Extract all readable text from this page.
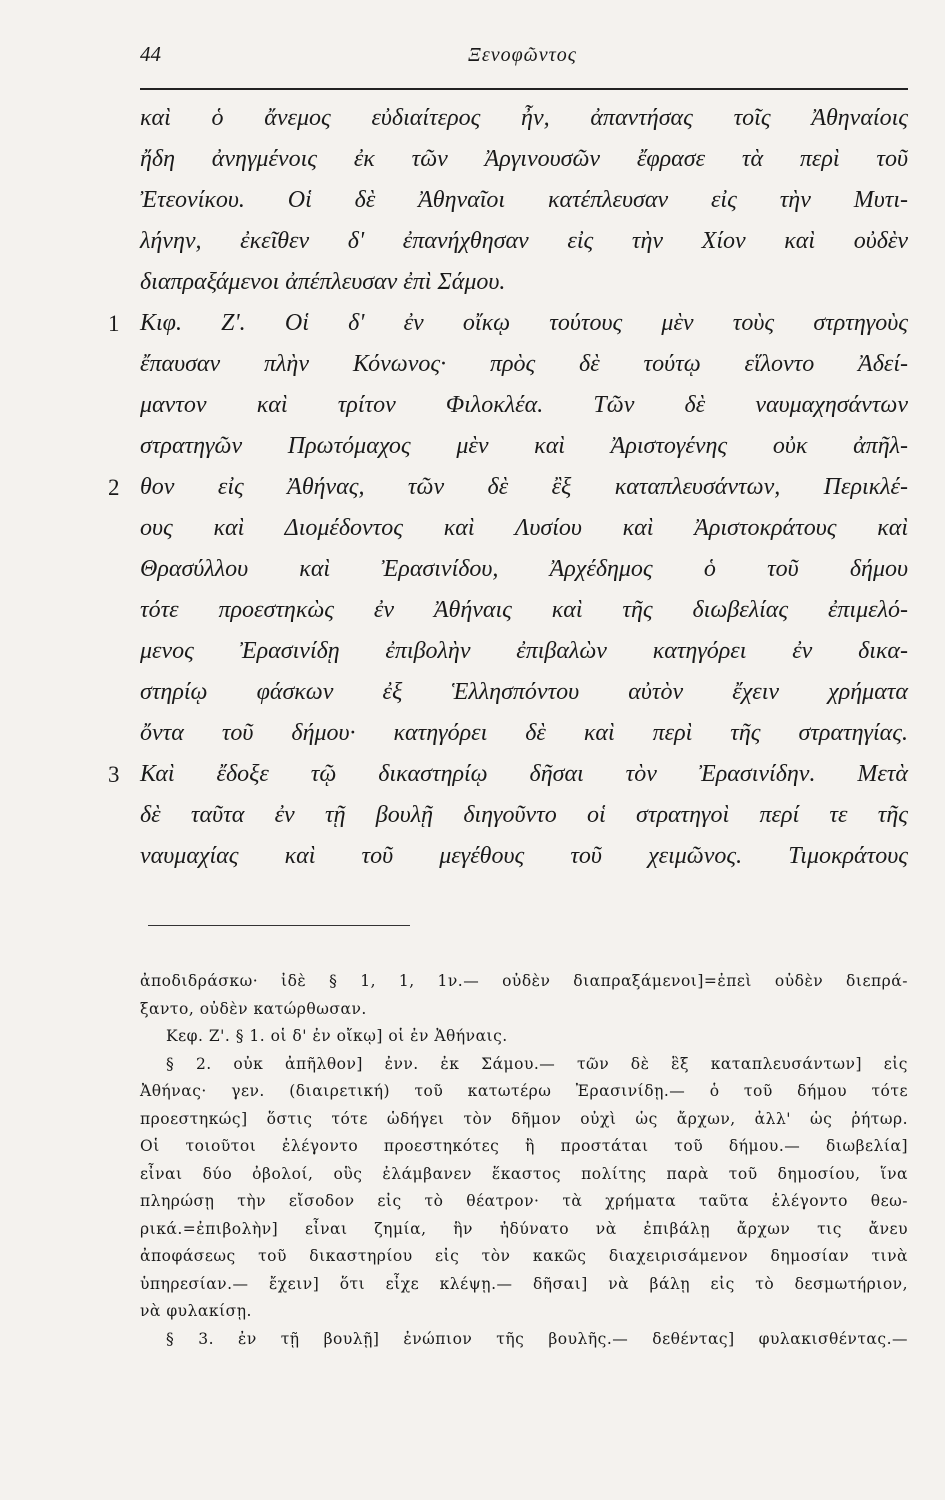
44	Ξενοφῶντος
καὶ ὁ ἄνεμος εὐδιαίτερος ἦν, ἀπαντήσας τοῖς Ἀθηναίοις
ἤδη ἀνηγμένοις ἐκ τῶν Ἀργινουσῶν ἔφρασε τὰ περὶ τοῦ
Ἐτεονίκου. Οἱ δὲ Ἀθηναῖοι κατέπλευσαν εἰς τὴν Μυτι-
λήνην, ἐκεῖθεν δ' ἐπανήχθησαν εἰς τὴν Χίον καὶ οὐδὲν
διαπραξάμενοι ἀπέπλευσαν ἐπὶ Σάμου.
1 Κιφ. Ζ'. Οἱ δ' ἐν οἴκῳ τούτους μὲν τοὺς στρτηγοὺς
ἔπαυσαν πλὴν Κόνωνος· πρὸς δὲ τούτῳ εἵλοντο Ἀδεί-
μαντον καὶ τρίτον Φιλοκλέα. Τῶν δὲ ναυμαχησάντων
στρατηγῶν Πρωτόμαχος μὲν καὶ Ἀριστογένης οὐκ ἀπῆλ-
2 θον εἰς Ἀθήνας, τῶν δὲ ἒξ καταπλευσάντων, Περικλέ-
ους καὶ Διομέδοντος καὶ Λυσίου καὶ Ἀριστοκράτους καὶ
Θρασύλλου καὶ Ἐρασινίδου, Ἀρχέδημος ὁ τοῦ δήμου
τότε προεστηκὼς ἐν Ἀθήναις καὶ τῆς διωβελίας ἐπιμελό-
μενος Ἐρασινίδῃ ἐπιβολὴν ἐπιβαλὼν κατηγόρει ἐν δικα-
στηρίῳ φάσκων ἐξ Ἑλλησπόντου αὐτὸν ἔχειν χρήματα
ὄντα τοῦ δήμου· κατηγόρει δὲ καὶ περὶ τῆς στρατηγίας.
3 Καὶ ἔδοξε τῷ δικαστηρίῳ δῆσαι τὸν Ἐρασινίδην. Μετὰ
δὲ ταῦτα ἐν τῇ βουλῇ διηγοῦντο οἱ στρατηγοὶ περί τε τῆς
ναυμαχίας καὶ τοῦ μεγέθους τοῦ χειμῶνος. Τιμοκράτους
ἀποδιδράσκω· ἰδὲ § 1, 1, 1ν.— οὐδὲν διαπραξάμενοι]=ἐπεὶ οὐδὲν διεπρά-
ξαντο, οὐδὲν κατώρθωσαν.
Κεφ. Ζ'. § 1. οἱ δ' ἐν οἴκῳ] οἱ ἐν Ἀθήναις.
§ 2. οὐκ ἀπῆλθον] ἐνν. ἐκ Σάμου.— τῶν δὲ ἓξ καταπλευσάντων] εἰς
Ἀθήνας· γεν. (διαιρετική) τοῦ κατωτέρω Ἐρασινίδῃ.— ὁ τοῦ δήμου τότε
προεστηκώς] ὅστις τότε ὡδήγει τὸν δῆμον οὐχὶ ὡς ἄρχων, ἀλλ' ὡς ῥήτωρ.
Οἱ τοιοῦτοι ἐλέγοντο προεστηκότες ἢ προστάται τοῦ δήμου.— διωβελία]
εἶναι δύο ὀβολοί, οὓς ἐλάμβανεν ἕκαστος πολίτης παρὰ τοῦ δημοσίου, ἵνα
πληρώσῃ τὴν εἴσοδον εἰς τὸ θέατρον· τὰ χρήματα ταῦτα ἐλέγοντο θεω-
ρικά.=ἐπιβολὴν] εἶναι ζημία, ἣν ἠδύνατο νὰ ἐπιβάλῃ ἄρχων τις ἄνευ
ἀποφάσεως τοῦ δικαστηρίου εἰς τὸν κακῶς διαχειρισάμενον δημοσίαν τινὰ
ὑπηρεσίαν.— ἔχειν] ὅτι εἶχε κλέψῃ.— δῆσαι] νὰ βάλῃ εἰς τὸ δεσμωτήριον,
νὰ φυλακίσῃ.
§ 3. ἐν τῇ βουλῇ] ἐνώπιον τῆς βουλῆς.— δεθέντας] φυλακισθέντας.—
